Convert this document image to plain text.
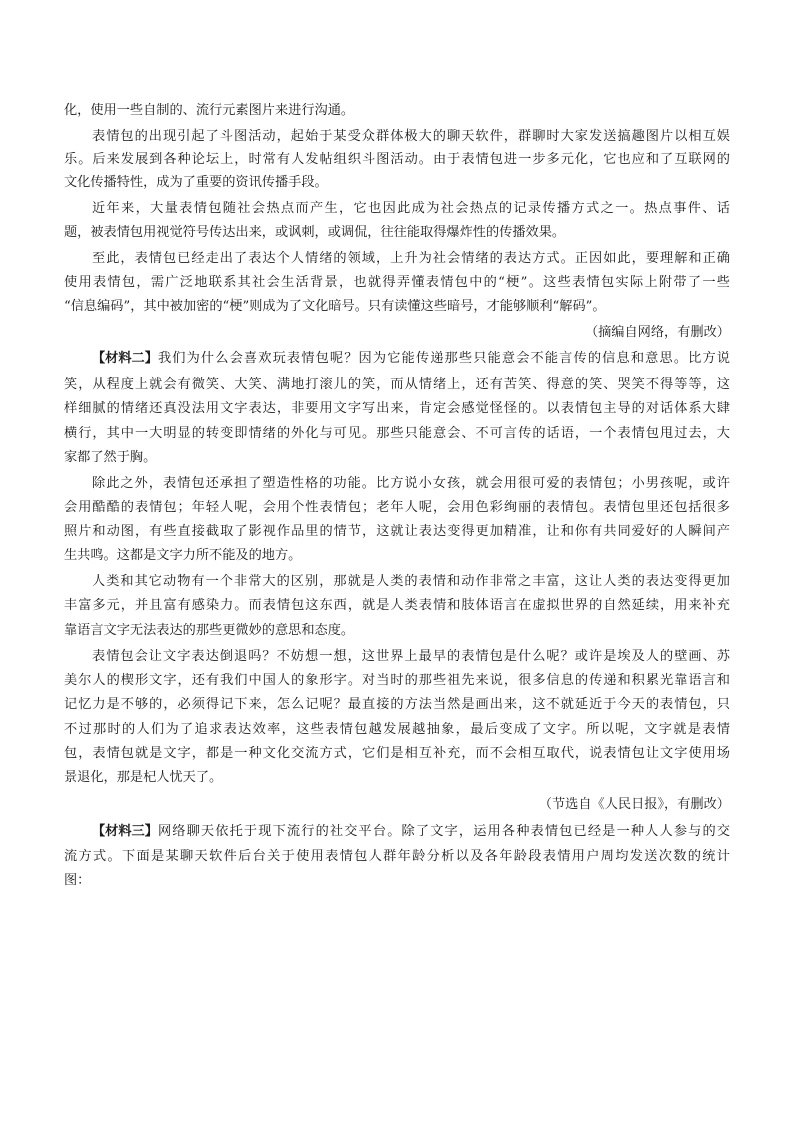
化，使用一些自制的、流行元素图片来进行沟通。
表情包的出现引起了斗图活动，起始于某受众群体极大的聊天软件，群聊时大家发送搞趣图片以相互娱
乐。后来发展到各种论坛上，时常有人发帖组织斗图活动。由于表情包进一步多元化，它也应和了互联网的
文化传播特性，成为了重要的资讯传播手段。
近年来，大量表情包随社会热点而产生，它也因此成为社会热点的记录传播方式之一。热点事件、话
题，被表情包用视觉符号传达出来，或讽刺，或调侃，往往能取得爆炸性的传播效果。
至此，表情包已经走出了表达个人情绪的领域，上升为社会情绪的表达方式。正因如此，要理解和正确
使用表情包，需广泛地联系其社会生活背景，也就得弄懂表情包中的“梗”。这些表情包实际上附带了一些
“信息编码”，其中被加密的“梗”则成为了文化暗号。只有读懂这些暗号，才能够顺利“解码”。
（摘编自网络，有删改）
【材料二】 我们为什么会喜欢玩表情包呢？因为它能传递那些只能意会不能言传的信息和意思。比方说
笑，从程度上就会有微笑、大笑、满地打滚儿的笑，而从情绪上，还有苦笑、得意的笑、哭笑不得等等，这
样细腻的情绪还真没法用文字表达，非要用文字写出来，肯定会感觉怪怪的。以表情包主导的对话体系大肆
横行，其中一大明显的转变即情绪的外化与可见。那些只能意会、不可言传的话语，一个表情包甩过去，大
家都了然于胸。
除此之外，表情包还承担了塑造性格的功能。比方说小女孩，就会用很可爱的表情包；小男孩呢，或许
会用酷酷的表情包；年轻人呢，会用个性表情包；老年人呢，会用色彩绚丽的表情包。表情包里还包括很多
照片和动图，有些直接截取了影视作品里的情节，这就让表达变得更加精准，让和你有共同爱好的人瞬间产
生共鸣。这都是文字力所不能及的地方。
人类和其它动物有一个非常大的区别，那就是人类的表情和动作非常之丰富，这让人类的表达变得更加
丰富多元，并且富有感染力。而表情包这东西，就是人类表情和肢体语言在虚拟世界的自然延续，用来补充
靠语言文字无法表达的那些更微妙的意思和态度。
表情包会让文字表达倒退吗？不妨想一想，这世界上最早的表情包是什么呢？或许是埃及人的壁画、苏
美尔人的楔形文字，还有我们中国人的象形字。对当时的那些祖先来说，很多信息的传递和积累光靠语言和
记忆力是不够的，必须得记下来，怎么记呢？最直接的方法当然是画出来，这不就延近于今天的表情包，只
不过那时的人们为了追求表达效率，这些表情包越发展越抽象，最后变成了文字。所以呢，文字就是表情
包，表情包就是文字，都是一种文化交流方式，它们是相互补充，而不会相互取代，说表情包让文字使用场
景退化，那是杞人忧天了。
（节选自《人民日报》，有删改）
【材料三】 网络聊天依托于现下流行的社交平台。除了文字，运用各种表情包已经是一种人人参与的交
流方式。下面是某聊天软件后台关于使用表情包人群年龄分析以及各年龄段表情用户周均发送次数的统计
图：
